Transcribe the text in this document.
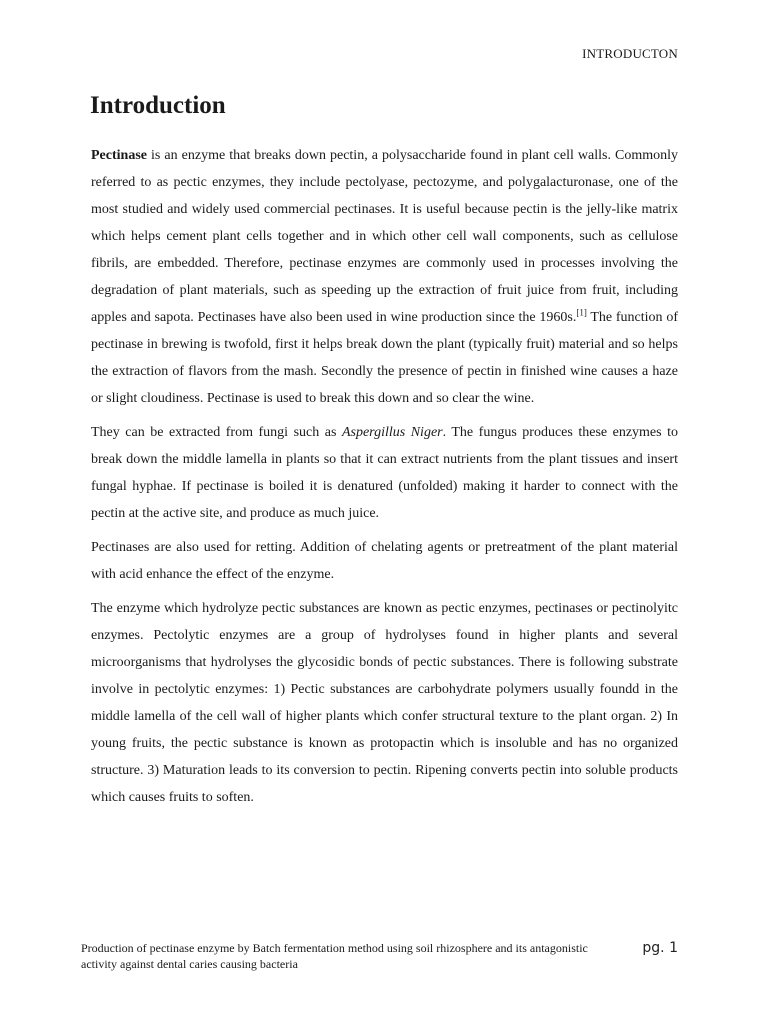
INTRODUCTON
Introduction

Pectinase is an enzyme that breaks down pectin, a polysaccharide found in plant cell walls. Commonly referred to as pectic enzymes, they include pectolyase, pectozyme, and polygalacturonase, one of the most studied and widely used commercial pectinases. It is useful because pectin is the jelly-like matrix which helps cement plant cells together and in which other cell wall components, such as cellulose fibrils, are embedded. Therefore, pectinase enzymes are commonly used in processes involving the degradation of plant materials, such as speeding up the extraction of fruit juice from fruit, including apples and sapota. Pectinases have also been used in wine production since the 1960s.[1] The function of pectinase in brewing is twofold, first it helps break down the plant (typically fruit) material and so helps the extraction of flavors from the mash. Secondly the presence of pectin in finished wine causes a haze or slight cloudiness. Pectinase is used to break this down and so clear the wine.

They can be extracted from fungi such as Aspergillus Niger. The fungus produces these enzymes to break down the middle lamella in plants so that it can extract nutrients from the plant tissues and insert fungal hyphae. If pectinase is boiled it is denatured (unfolded) making it harder to connect with the pectin at the active site, and produce as much juice.

Pectinases are also used for retting. Addition of chelating agents or pretreatment of the plant material with acid enhance the effect of the enzyme.

The enzyme which hydrolyze pectic substances are known as pectic enzymes, pectinases or pectinolyitc enzymes. Pectolytic enzymes are a group of hydrolyses found in higher plants and several microorganisms that hydrolyses the glycosidic bonds of pectic substances. There is following substrate involve in pectolytic enzymes: 1) Pectic substances are carbohydrate polymers usually foundd in the middle lamella of the cell wall of higher plants which confer structural texture to the plant organ. 2) In young fruits, the pectic substance is known as protopactin which is insoluble and has no organized structure. 3) Maturation leads to its conversion to pectin. Ripening converts pectin into soluble products which causes fruits to soften.

Production of pectinase enzyme by Batch fermentation method using soil rhizosphere and its antagonistic activity against dental caries causing bacteria
pg. 1
